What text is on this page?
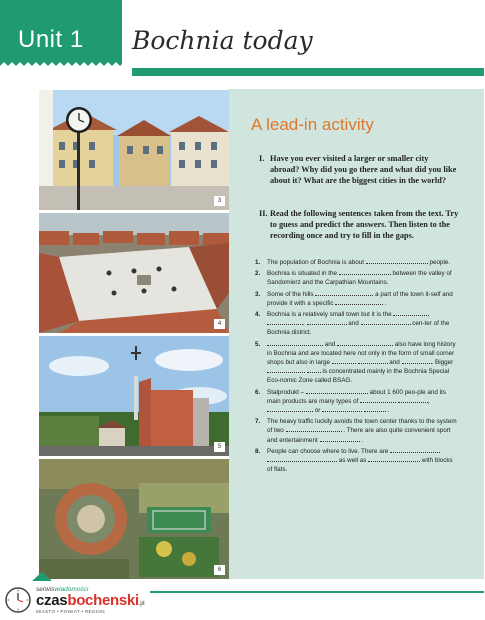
Unit 1 Bochnia today
3
4
5
6
A lead-in activity
I. Have you ever visited a larger or smaller city abroad? Why did you go there and what did you like about it? What are the biggest cities in the world?
II. Read the following sentences taken from the text. Try to guess and predict the answers. Then listen to the recording once and try to fill in the gaps.
1. The population of Bochnia is about	people.
2. Bochnia is situated in the	between the valley of Sandomierz and the Carpathian Mountains.
3. Some of the hills	a part of the town it-self and provide it with a specific	.
4. Bochnia is a relatively small town but it is the  ,	and	cen-ter of the Bochnia district.
5.	and	also have long history in Bochnia and are located here not only in the form of small corner shops but also in large	and	. Bigger   is concentrated mainly in the Bochnia Special Eco-nomic Zone called BSAG.
6. Stalprodukt –	about 1 600 peo-ple and its main products are many types of	,  or	.
7. The heavy traffic luckily avoids the town center thanks to the system of two	. There are also quite convenient sport and entertainment	.
8. People can choose where to live. There are   as well as	with blocks of flats.
serwiswiadomości
czasbochenski.pl
MIASTO • POWIAT • REGION
